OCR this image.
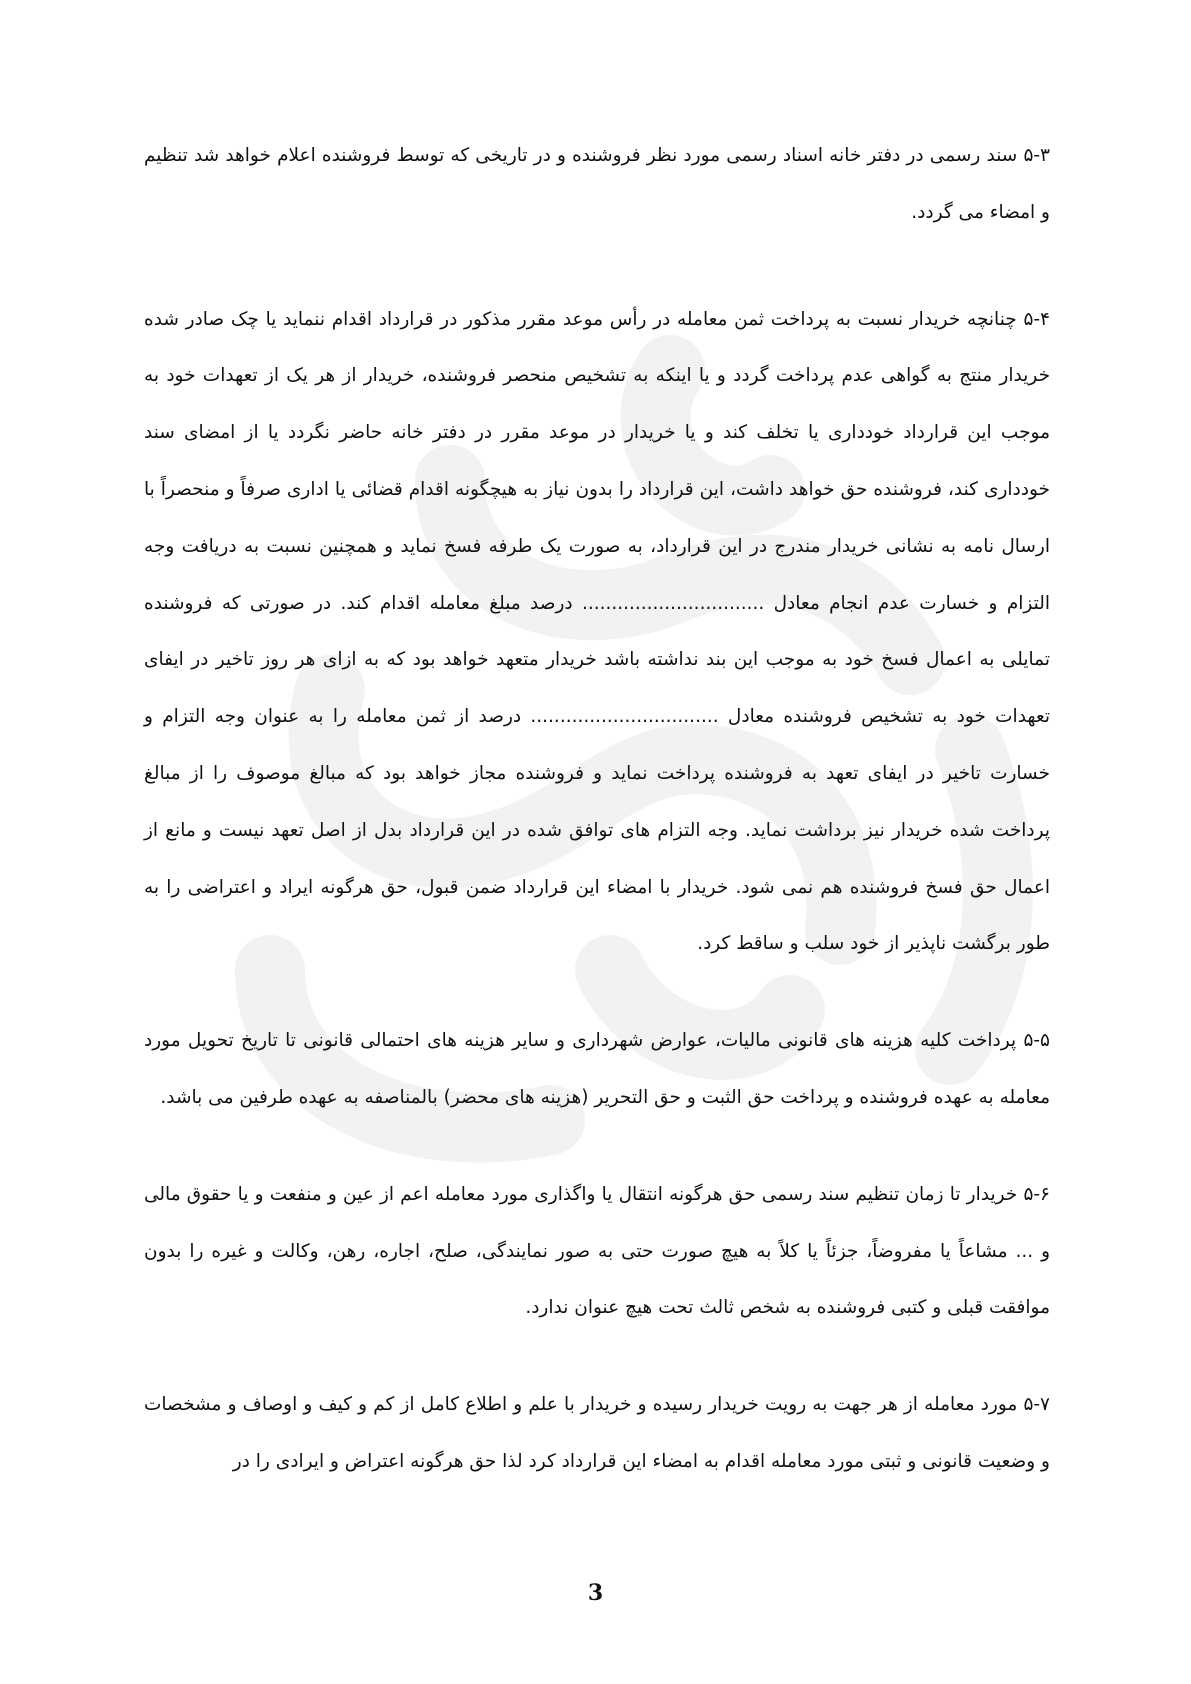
۵-۳ سند رسمی در دفتر خانه اسناد رسمی مورد نظر فروشنده و در تاریخی که توسط فروشنده اعلام خواهد شد تنظیم و امضاء می گردد.

۵-۴ چنانچه خریدار نسبت به پرداخت ثمن معامله در رأس موعد مقرر مذکور در قرارداد اقدام ننماید یا چک صادر شده خریدار منتج به گواهی عدم پرداخت گردد و یا اینکه به تشخیص منحصر فروشنده، خریدار از هر یک از تعهدات خود به موجب این قرارداد خودداری یا تخلف کند و یا خریدار در موعد مقرر در دفتر خانه حاضر نگردد یا از امضای سند خودداری کند، فروشنده حق خواهد داشت، این قرارداد را بدون نیاز به هیچگونه اقدام قضائی یا اداری صرفاً و منحصراً با ارسال نامه به نشانی خریدار مندرج در این قرارداد، به صورت یک طرفه فسخ نماید و همچنین نسبت به دریافت وجه التزام و خسارت عدم انجام معادل ............................... درصد مبلغ معامله اقدام کند. در صورتی که فروشنده تمایلی به اعمال فسخ خود به موجب این بند نداشته باشد خریدار متعهد خواهد بود که به ازای هر روز تاخیر در ایفای تعهدات خود به تشخیص فروشنده معادل ................................ درصد از ثمن معامله را به عنوان وجه التزام و خسارت تاخیر در ایفای تعهد به فروشنده پرداخت نماید و فروشنده مجاز خواهد بود که مبالغ موصوف را از مبالغ پرداخت شده خریدار نیز برداشت نماید. وجه التزام های توافق شده در این قرارداد بدل از اصل تعهد نیست و مانع از اعمال حق فسخ فروشنده هم نمی شود. خریدار با امضاء این قرارداد ضمن قبول، حق هرگونه ایراد و اعتراضی را به طور برگشت ناپذیر از خود سلب و ساقط کرد.

۵-۵ پرداخت کلیه هزینه های قانونی مالیات، عوارض شهرداری و سایر هزینه های احتمالی قانونی تا تاریخ تحویل مورد معامله به عهده فروشنده و پرداخت حق الثبت و حق التحریر (هزینه های محضر) بالمناصفه به عهده طرفین می باشد.

۵-۶ خریدار تا زمان تنظیم سند رسمی حق هرگونه انتقال یا واگذاری مورد معامله اعم از عین و منفعت و یا حقوق مالی و ... مشاعاً یا مفروضاً، جزئاً یا کلاً به هیچ صورت حتی به صور نمایندگی، صلح، اجاره، رهن، وکالت و غیره را بدون موافقت قبلی و کتبی فروشنده به شخص ثالث تحت هیچ عنوان ندارد.

۵-۷ مورد معامله از هر جهت به رویت خریدار رسیده و خریدار با علم و اطلاع کامل از کم و کیف و اوصاف و مشخصات و وضعیت قانونی و ثبتی مورد معامله اقدام به امضاء این قرارداد کرد لذا حق هرگونه اعتراض و ایرادی را در

3
